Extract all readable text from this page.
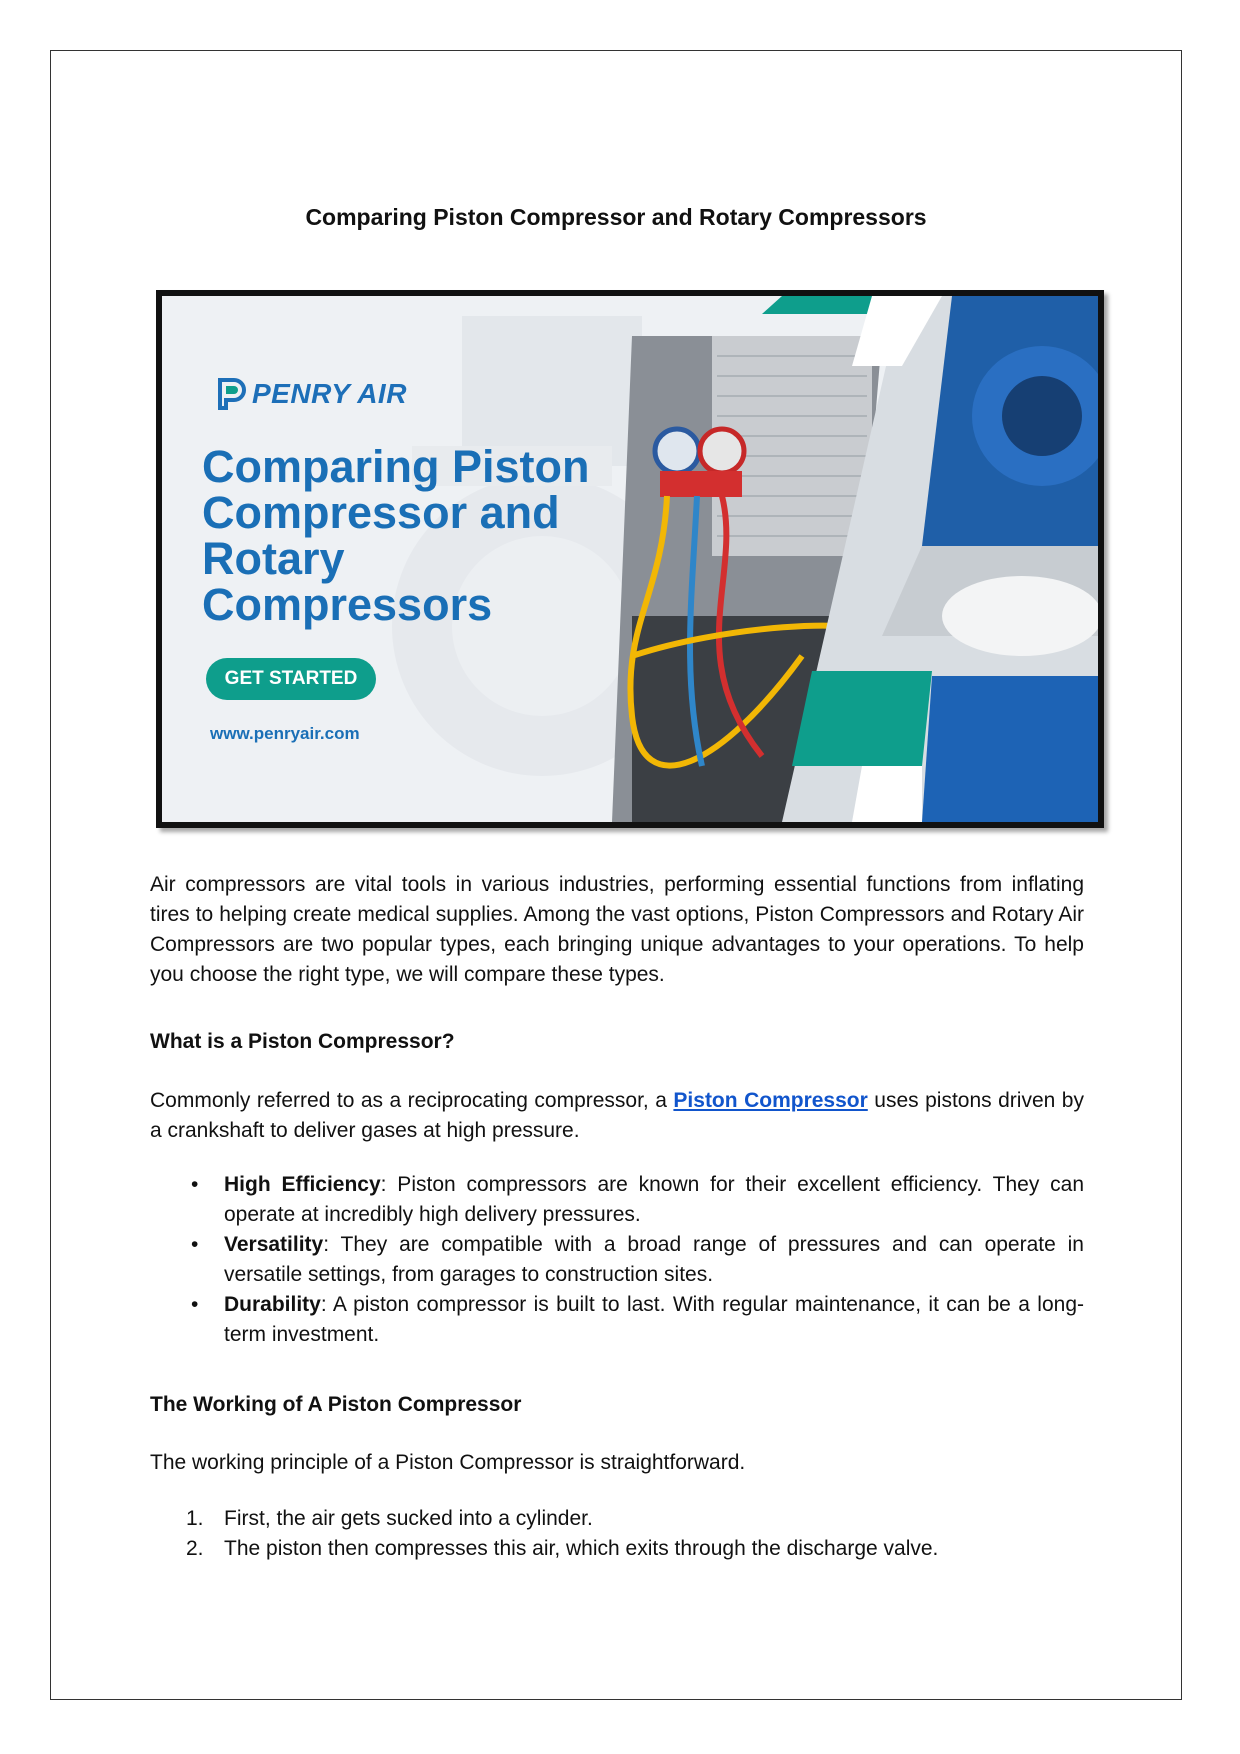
Comparing Piston Compressor and Rotary Compressors
PENRY AIR
Comparing Piston
Compressor and
Rotary
Compressors
GET STARTED
www.penryair.com

Air compressors are vital tools in various industries, performing essential functions from inflating tires to helping create medical supplies. Among the vast options, Piston Compressors and Rotary Air Compressors are two popular types, each bringing unique advantages to your operations. To help you choose the right type, we will compare these types.

What is a Piston Compressor?

Commonly referred to as a reciprocating compressor, a Piston Compressor uses pistons driven by a crankshaft to deliver gases at high pressure.

• High Efficiency: Piston compressors are known for their excellent efficiency. They can operate at incredibly high delivery pressures.
• Versatility: They are compatible with a broad range of pressures and can operate in versatile settings, from garages to construction sites.
• Durability: A piston compressor is built to last. With regular maintenance, it can be a long-term investment.
The Working of A Piston Compressor

The working principle of a Piston Compressor is straightforward.

1. First, the air gets sucked into a cylinder.
2. The piston then compresses this air, which exits through the discharge valve.
